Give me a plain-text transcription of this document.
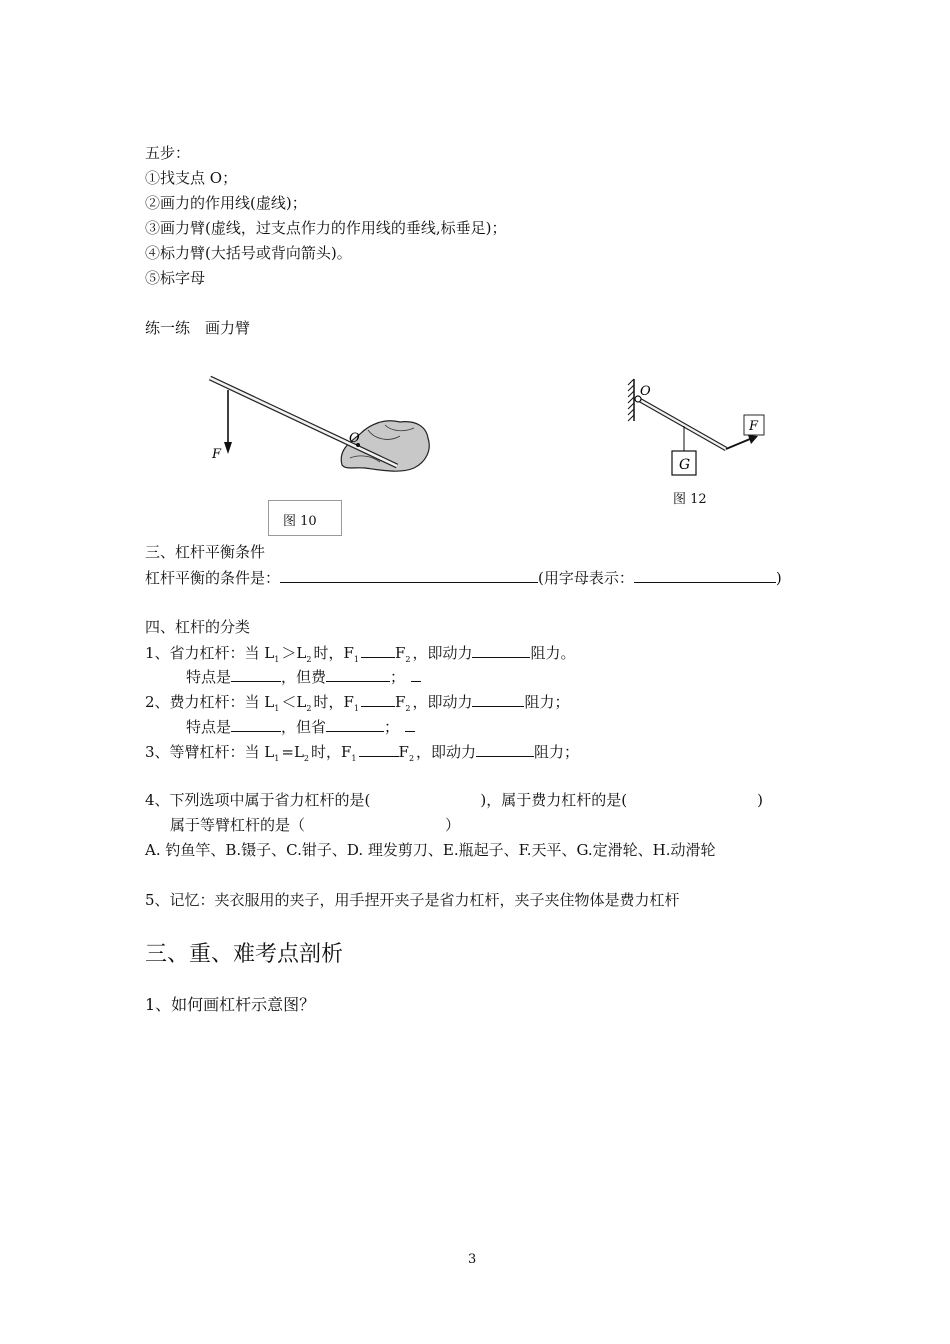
五步：
①找支点 O；
②画力的作用线(虚线)；
③画力臂(虚线，过支点作力的作用线的垂线,标垂足)；
④标力臂(大括号或背向箭头)。
⑤标字母
练一练　画力臂
F
O
图 10
O
G
F
图 12
三、杠杆平衡条件
杠杆平衡的条件是：	(用字母表示：	)
四、杠杆的分类
1、省力杠杆：当 $L_1 >L_2$ 时，$F_1$ $F_2$ ，即动力	阻力。
特点是	，但费	；
2、费力杠杆：当 $L_1 <L_2$ 时，$F_1$ $F_2$ ，即动力	阻力；
特点是	，但省	；
3、等臂杠杆：当 $L_1 =L_2$ 时，$F_1$	$F_2$ ，即动力	阻力；
4、下列选项中属于省力杠杆的是(	)，属于费力杠杆的是(	)
属于等臂杠杆的是（	）
A. 钓鱼竿、B.镊子、C.钳子、D. 理发剪刀、E.瓶起子、F.天平、G.定滑轮、H.动滑轮
5、记忆：夹衣服用的夹子，用手捏开夹子是省力杠杆，夹子夹住物体是费力杠杆
三、重、难考点剖析
1、如何画杠杆示意图？
3
